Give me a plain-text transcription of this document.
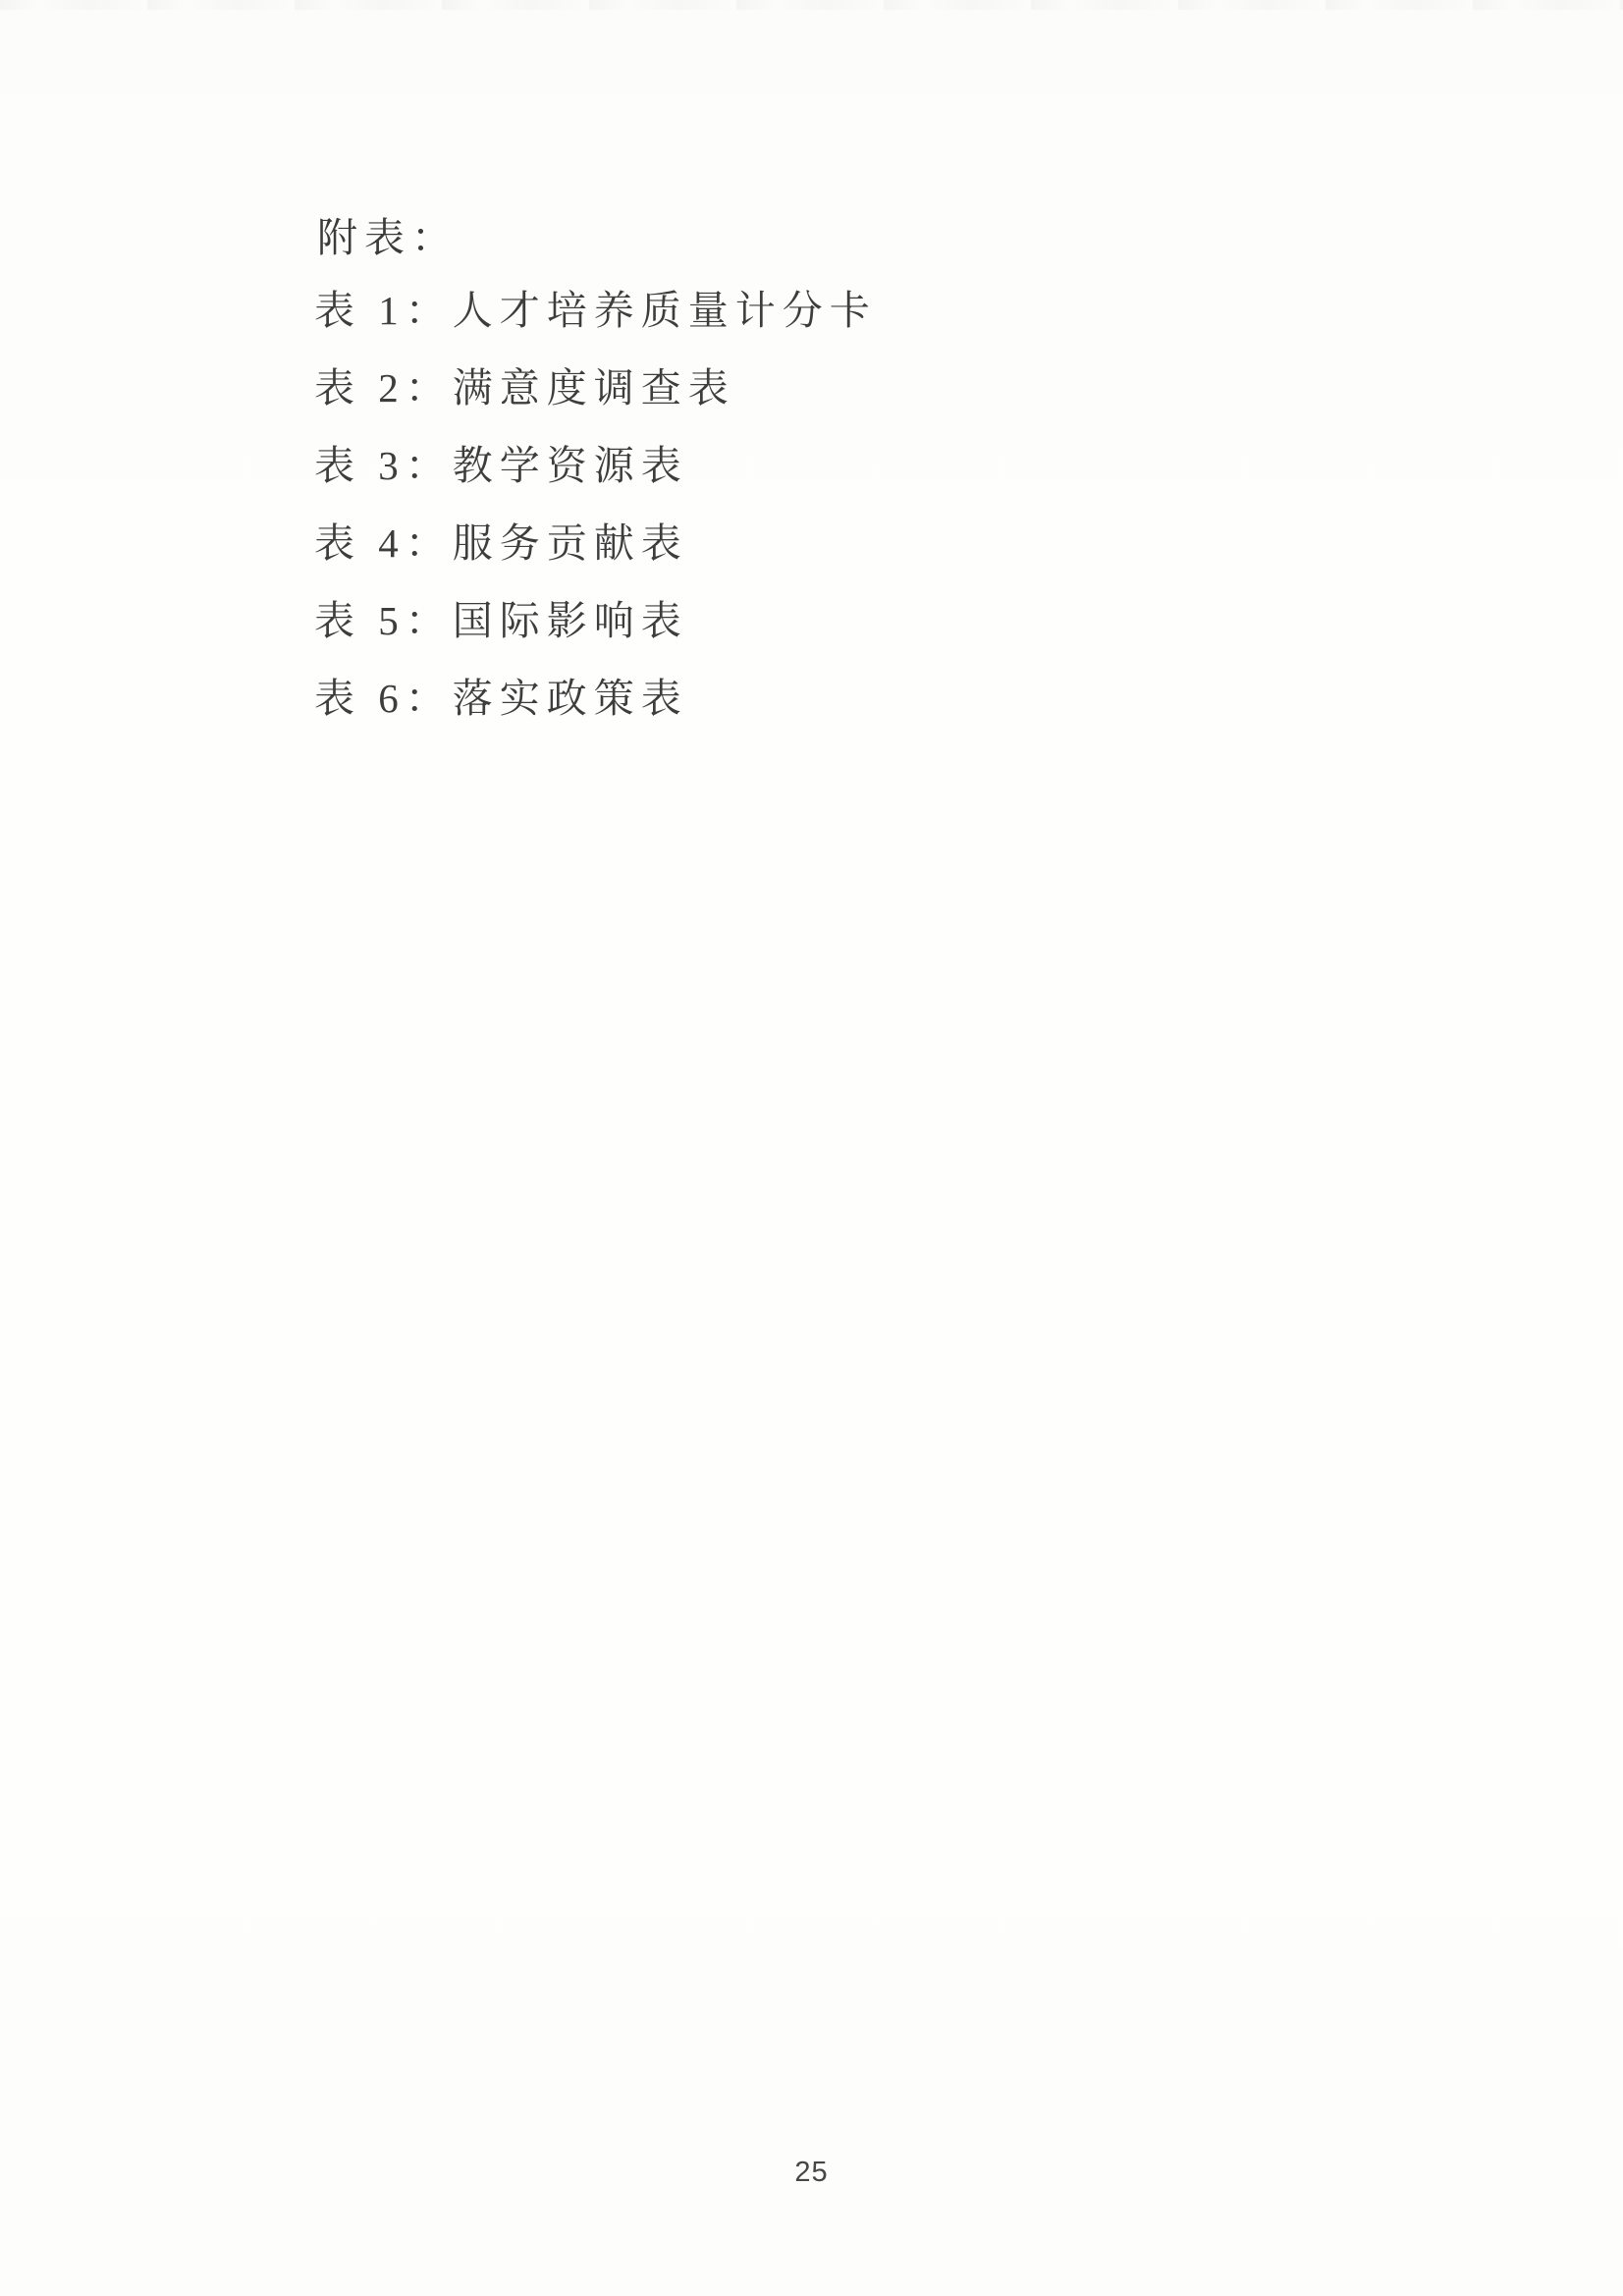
附表：
表 1：人才培养质量计分卡
表 2：满意度调查表
表 3：教学资源表
表 4：服务贡献表
表 5：国际影响表
表 6：落实政策表
25
